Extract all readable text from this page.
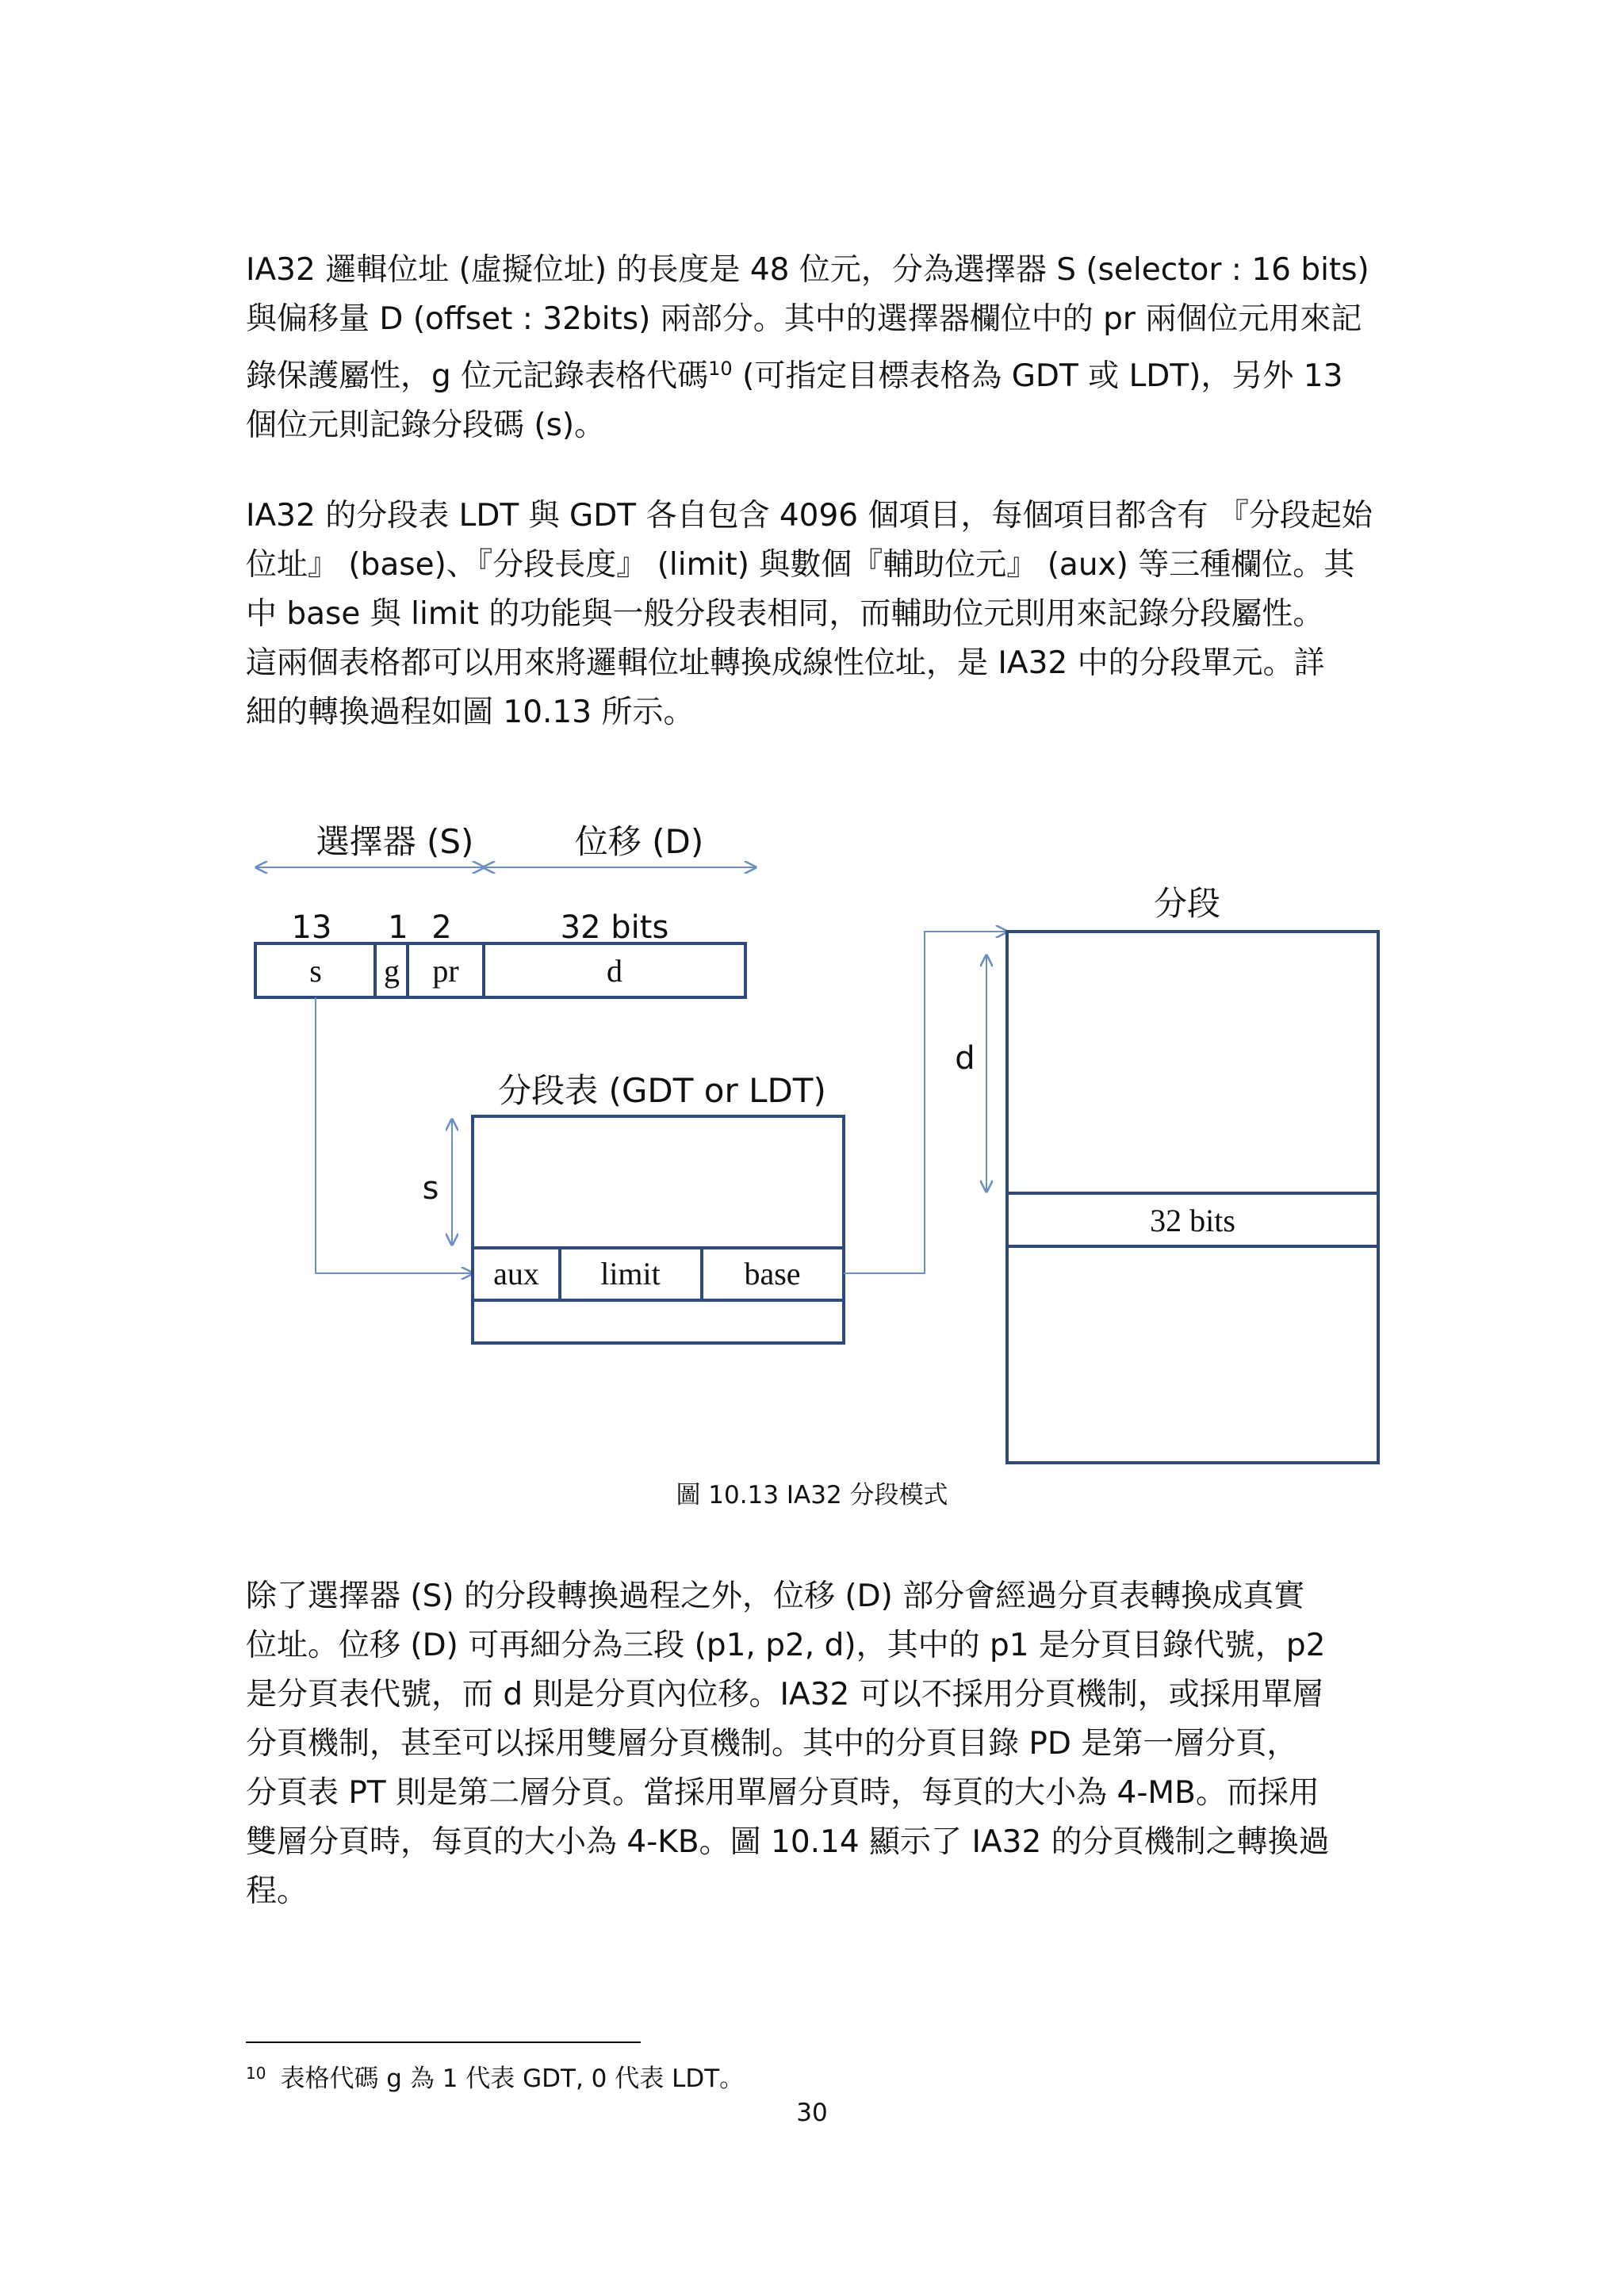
IA32 邏輯位址 (虛擬位址) 的長度是 48 位元，分為選擇器 S (selector : 16 bits)
與偏移量 D (offset : 32bits) 兩部分。其中的選擇器欄位中的 pr 兩個位元用來記
錄保護屬性，g 位元記錄表格代碼$^{10}$ (可指定目標表格為 GDT 或 LDT)，另外 13
個位元則記錄分段碼 (s)。
IA32 的分段表 LDT 與 GDT 各自包含 4096 個項目，每個項目都含有 『分段起始
位址』 (base)、『分段長度』 (limit) 與數個『輔助位元』 (aux) 等三種欄位。其
中 base 與 limit 的功能與一般分段表相同，而輔助位元則用來記錄分段屬性。
這兩個表格都可以用來將邏輯位址轉換成線性位址，是 IA32 中的分段單元。詳
細的轉換過程如圖 10.13 所示。
選擇器 (S)	位移 (D)
13 1 2	32 bits
s g pr	d
分段表 (GDT or LDT)
aux limit	base
s
分段
32 bits
d
圖 10.13 IA32 分段模式
除了選擇器 (S) 的分段轉換過程之外，位移 (D) 部分會經過分頁表轉換成真實
位址。位移 (D) 可再細分為三段 (p1, p2, d)，其中的 p1 是分頁目錄代號，p2
是分頁表代號，而 d 則是分頁內位移。IA32 可以不採用分頁機制，或採用單層
分頁機制，甚至可以採用雙層分頁機制。其中的分頁目錄 PD 是第一層分頁，
分頁表 PT 則是第二層分頁。當採用單層分頁時，每頁的大小為 4-MB。而採用
雙層分頁時，每頁的大小為 4-KB。圖 10.14 顯示了 IA32 的分頁機制之轉換過
程。
$^{10}$ 表格代碼 g 為 1 代表 GDT, 0 代表 LDT。
30
